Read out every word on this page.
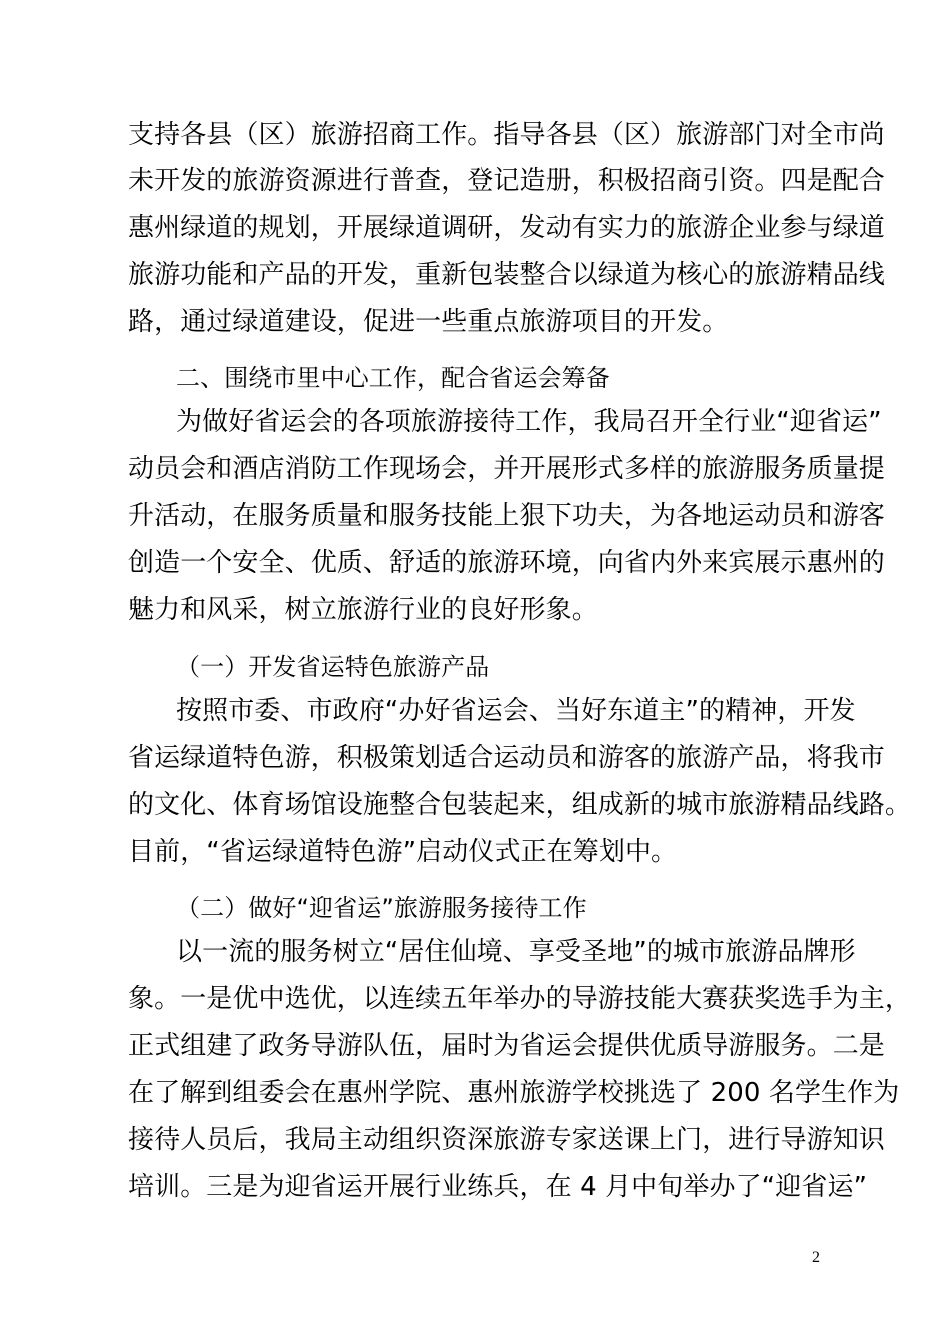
支持各县（区）旅游招商工作。指导各县（区）旅游部门对全市尚
未开发的旅游资源进行普查，登记造册，积极招商引资。四是配合
惠州绿道的规划，开展绿道调研，发动有实力的旅游企业参与绿道
旅游功能和产品的开发，重新包装整合以绿道为核心的旅游精品线
路，通过绿道建设，促进一些重点旅游项目的开发。
二、围绕市里中心工作，配合省运会筹备
为做好省运会的各项旅游接待工作，我局召开全行业“迎省运”
动员会和酒店消防工作现场会，并开展形式多样的旅游服务质量提
升活动，在服务质量和服务技能上狠下功夫，为各地运动员和游客
创造一个安全、优质、舒适的旅游环境，向省内外来宾展示惠州的
魅力和风采，树立旅游行业的良好形象。
（一）开发省运特色旅游产品
按照市委、市政府“办好省运会、当好东道主”的精神，开发
省运绿道特色游，积极策划适合运动员和游客的旅游产品，将我市
的文化、体育场馆设施整合包装起来，组成新的城市旅游精品线路。
目前，“省运绿道特色游”启动仪式正在筹划中。
（二）做好“迎省运”旅游服务接待工作
以一流的服务树立“居住仙境、享受圣地”的城市旅游品牌形
象。一是优中选优，以连续五年举办的导游技能大赛获奖选手为主，
正式组建了政务导游队伍，届时为省运会提供优质导游服务。二是
在了解到组委会在惠州学院、惠州旅游学校挑选了 200 名学生作为
接待人员后，我局主动组织资深旅游专家送课上门，进行导游知识
培训。三是为迎省运开展行业练兵，在 4 月中旬举办了“迎省运”
2
